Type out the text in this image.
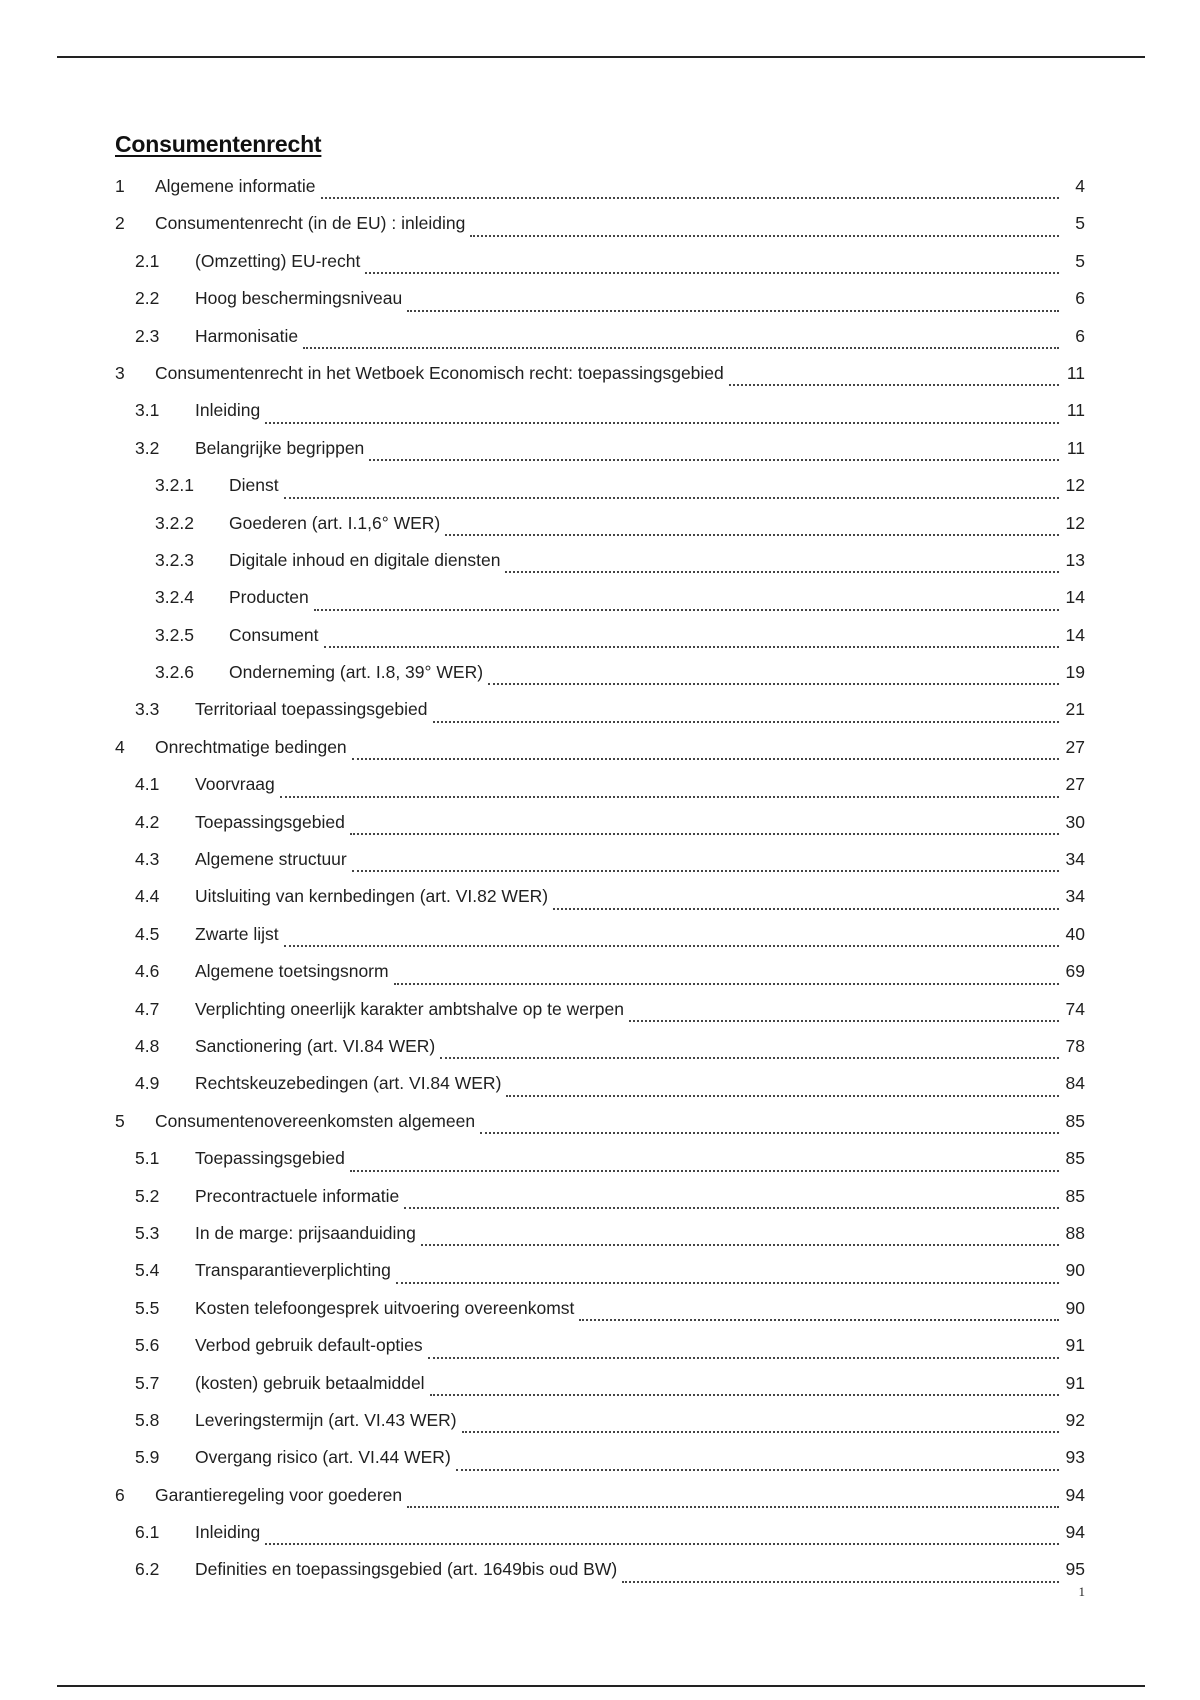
Consumentenrecht
1	Algemene informatie	4
2	Consumentenrecht (in de EU) : inleiding	5
2.1	(Omzetting) EU-recht	5
2.2	Hoog beschermingsniveau	6
2.3	Harmonisatie	6
3	Consumentenrecht in het Wetboek Economisch recht: toepassingsgebied	11
3.1	Inleiding	11
3.2	Belangrijke begrippen	11
3.2.1	Dienst	12
3.2.2	Goederen (art. I.1,6° WER)	12
3.2.3	Digitale inhoud en digitale diensten	13
3.2.4	Producten	14
3.2.5	Consument	14
3.2.6	Onderneming (art. I.8, 39° WER)	19
3.3	Territoriaal toepassingsgebied	21
4	Onrechtmatige bedingen	27
4.1	Voorvraag	27
4.2	Toepassingsgebied	30
4.3	Algemene structuur	34
4.4	Uitsluiting van kernbedingen (art. VI.82 WER)	34
4.5	Zwarte lijst	40
4.6	Algemene toetsingsnorm	69
4.7	Verplichting oneerlijk karakter ambtshalve op te werpen	74
4.8	Sanctionering (art. VI.84 WER)	78
4.9	Rechtskeuzebedingen (art. VI.84 WER)	84
5	Consumentenovereenkomsten algemeen	85
5.1	Toepassingsgebied	85
5.2	Precontractuele informatie	85
5.3	In de marge: prijsaanduiding	88
5.4	Transparantieverplichting	90
5.5	Kosten telefoongesprek uitvoering overeenkomst	90
5.6	Verbod gebruik default-opties	91
5.7	(kosten) gebruik betaalmiddel	91
5.8	Leveringstermijn (art. VI.43 WER)	92
5.9	Overgang risico (art. VI.44 WER)	93
6	Garantieregeling voor goederen	94
6.1	Inleiding	94
6.2	Definities en toepassingsgebied (art. 1649bis oud BW)	95
1
